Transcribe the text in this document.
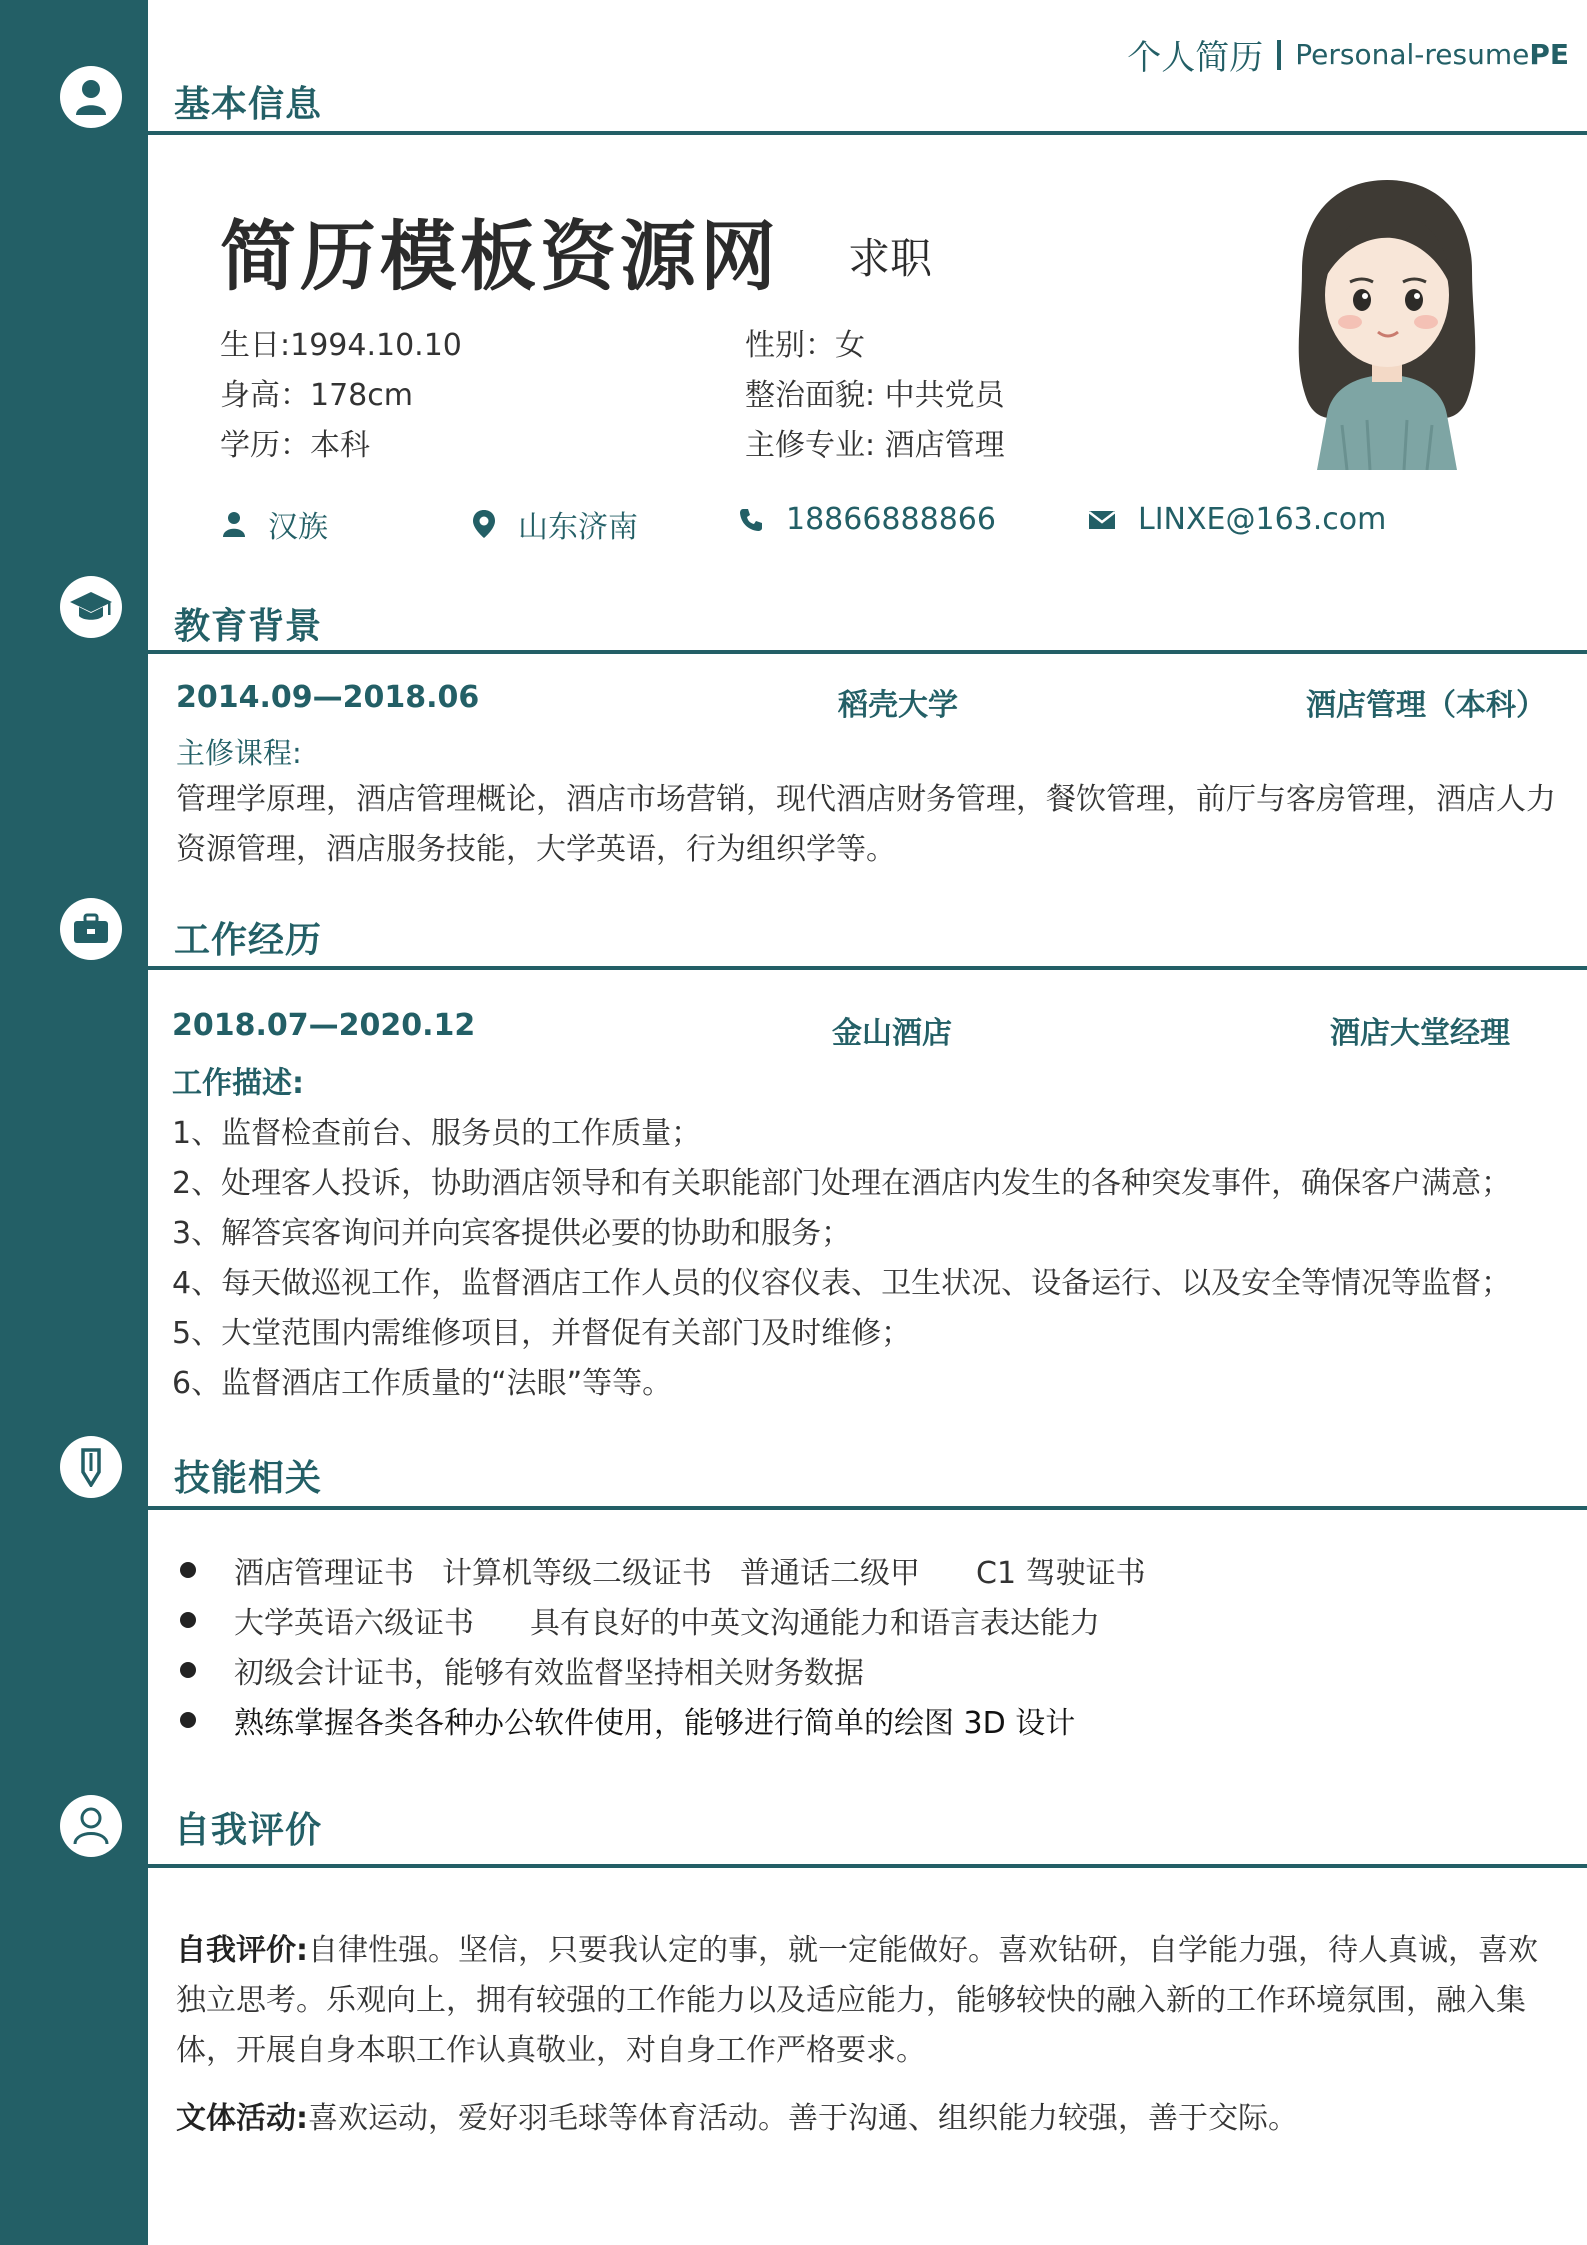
个人简历 Personal-resumePE
基本信息
简历模板资源网 求职
生日:1994.10.10	性别：女
身高：178cm	整治面貌: 中共党员
学历：本科	主修专业: 酒店管理
汉族	山东济南	18866888866	LINXE@163.com
教育背景
2014.09—2018.06	稻壳大学	酒店管理（本科）
主修课程:
管理学原理，酒店管理概论，酒店市场营销，现代酒店财务管理，餐饮管理，前厅与客房管理，酒店人力
资源管理，酒店服务技能，大学英语，行为组织学等。
工作经历
2018.07—2020.12	金山酒店	酒店大堂经理
工作描述:
1、监督检查前台、服务员的工作质量；
2、处理客人投诉，协助酒店领导和有关职能部门处理在酒店内发生的各种突发事件，确保客户满意；
3、解答宾客询问并向宾客提供必要的协助和服务；
4、每天做巡视工作，监督酒店工作人员的仪容仪表、卫生状况、设备运行、以及安全等情况等监督；
5、大堂范围内需维修项目，并督促有关部门及时维修；
6、监督酒店工作质量的“法眼”等等。
技能相关
酒店管理证书 计算机等级二级证书 普通话二级甲 C1 驾驶证书
大学英语六级证书 具有良好的中英文沟通能力和语言表达能力
初级会计证书，能够有效监督坚持相关财务数据
熟练掌握各类各种办公软件使用，能够进行简单的绘图 3D 设计
自我评价
自我评价:自律性强。坚信，只要我认定的事，就一定能做好。喜欢钻研，自学能力强，待人真诚，喜欢独立思考。乐观向上，拥有较强的工作能力以及适应能力，能够较快的融入新的工作环境氛围，融入集体，开展自身本职工作认真敬业，对自身工作严格要求。
文体活动:喜欢运动，爱好羽毛球等体育活动。善于沟通、组织能力较强，善于交际。
